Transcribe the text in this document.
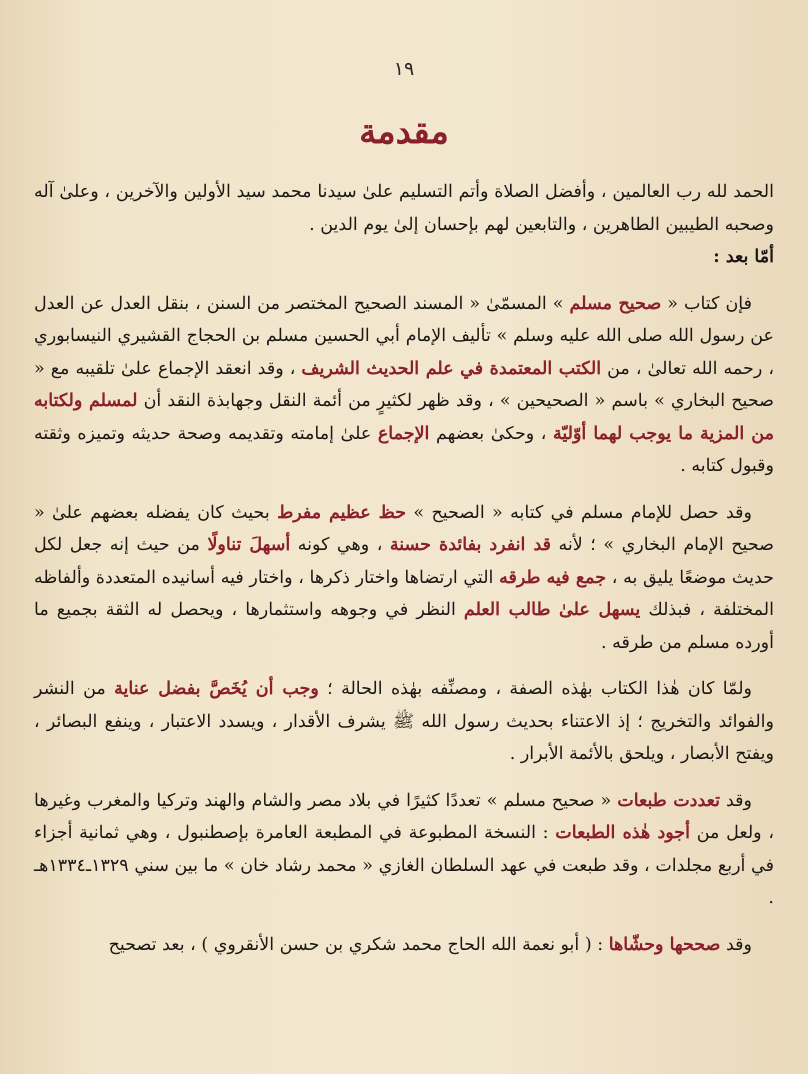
١٩
مقدمة

الحمد لله رب العالمين ، وأفضل الصلاة وأتم التسليم علىٰ سيدنا محمد سيد الأولين والآخرين ، وعلىٰ آله وصحبه الطيبين الطاهرين ، والتابعين لهم بإحسان إلىٰ يوم الدين .

أمّا بعد :

فإن كتاب « صحيح مسلم » المسمّىٰ « المسند الصحيح المختصر من السنن ، بنقل العدل عن العدل عن رسول الله صلى الله عليه وسلم » تأليف الإمام أبي الحسين مسلم بن الحجاج القشيري النيسابوري ، رحمه الله تعالىٰ ، من الكتب المعتمدة في علم الحديث الشريف ، وقد انعقد الإجماع علىٰ تلقيبه مع « صحيح البخاري » باسم « الصحيحين » ، وقد ظهر لكثيرٍ من أئمة النقل وجهابذة النقد أن لمسلم ولكتابه من المزية ما يوجب لهما أوّليّة ، وحكىٰ بعضهم الإجماع علىٰ إمامته وتقديمه وصحة حديثه وتميزه وثقته وقبول كتابه .

وقد حصل للإمام مسلم في كتابه « الصحيح » حظ عظيم مفرط بحيث كان يفضله بعضهم علىٰ « صحيح الإمام البخاري » ؛ لأنه قد انفرد بفائدة حسنة ، وهي كونه أسهلَ تناولًا من حيث إنه جعل لكل حديث موضعًا يليق به ، جمع فيه طرقه التي ارتضاها واختار ذكرها ، واختار فيه أسانيده المتعددة وألفاظه المختلفة ، فبذلك يسهل علىٰ طالب العلم النظر في وجوهه واستثمارها ، ويحصل له الثقة بجميع ما أورده مسلم من طرقه .

ولمّا كان هٰذا الكتاب بهٰذه الصفة ، ومصنِّفه بهٰذه الحالة ؛ وجب أن يُخَصَّ بفضل عناية من النشر والفوائد والتخريج ؛ إذ الاعتناء بحديث رسول الله ﷺ يشرف الأقدار ، ويسدد الاعتبار ، وينفع البصائر ، ويفتح الأبصار ، ويلحق بالأئمة الأبرار .

وقد تعددت طبعات « صحيح مسلم » تعددًا كثيرًا في بلاد مصر والشام والهند وتركيا والمغرب وغيرها ، ولعل من أجود هٰذه الطبعات : النسخة المطبوعة في المطبعة العامرة بإصطنبول ، وهي ثمانية أجزاء في أربع مجلدات ، وقد طبعت في عهد السلطان الغازي « محمد رشاد خان » ما بين سني ١٣٢٩ـ١٣٣٤هـ .

وقد صححها وحشّاها : ( أبو نعمة الله الحاج محمد شكري بن حسن الأنقروي ) ، بعد تصحيح
